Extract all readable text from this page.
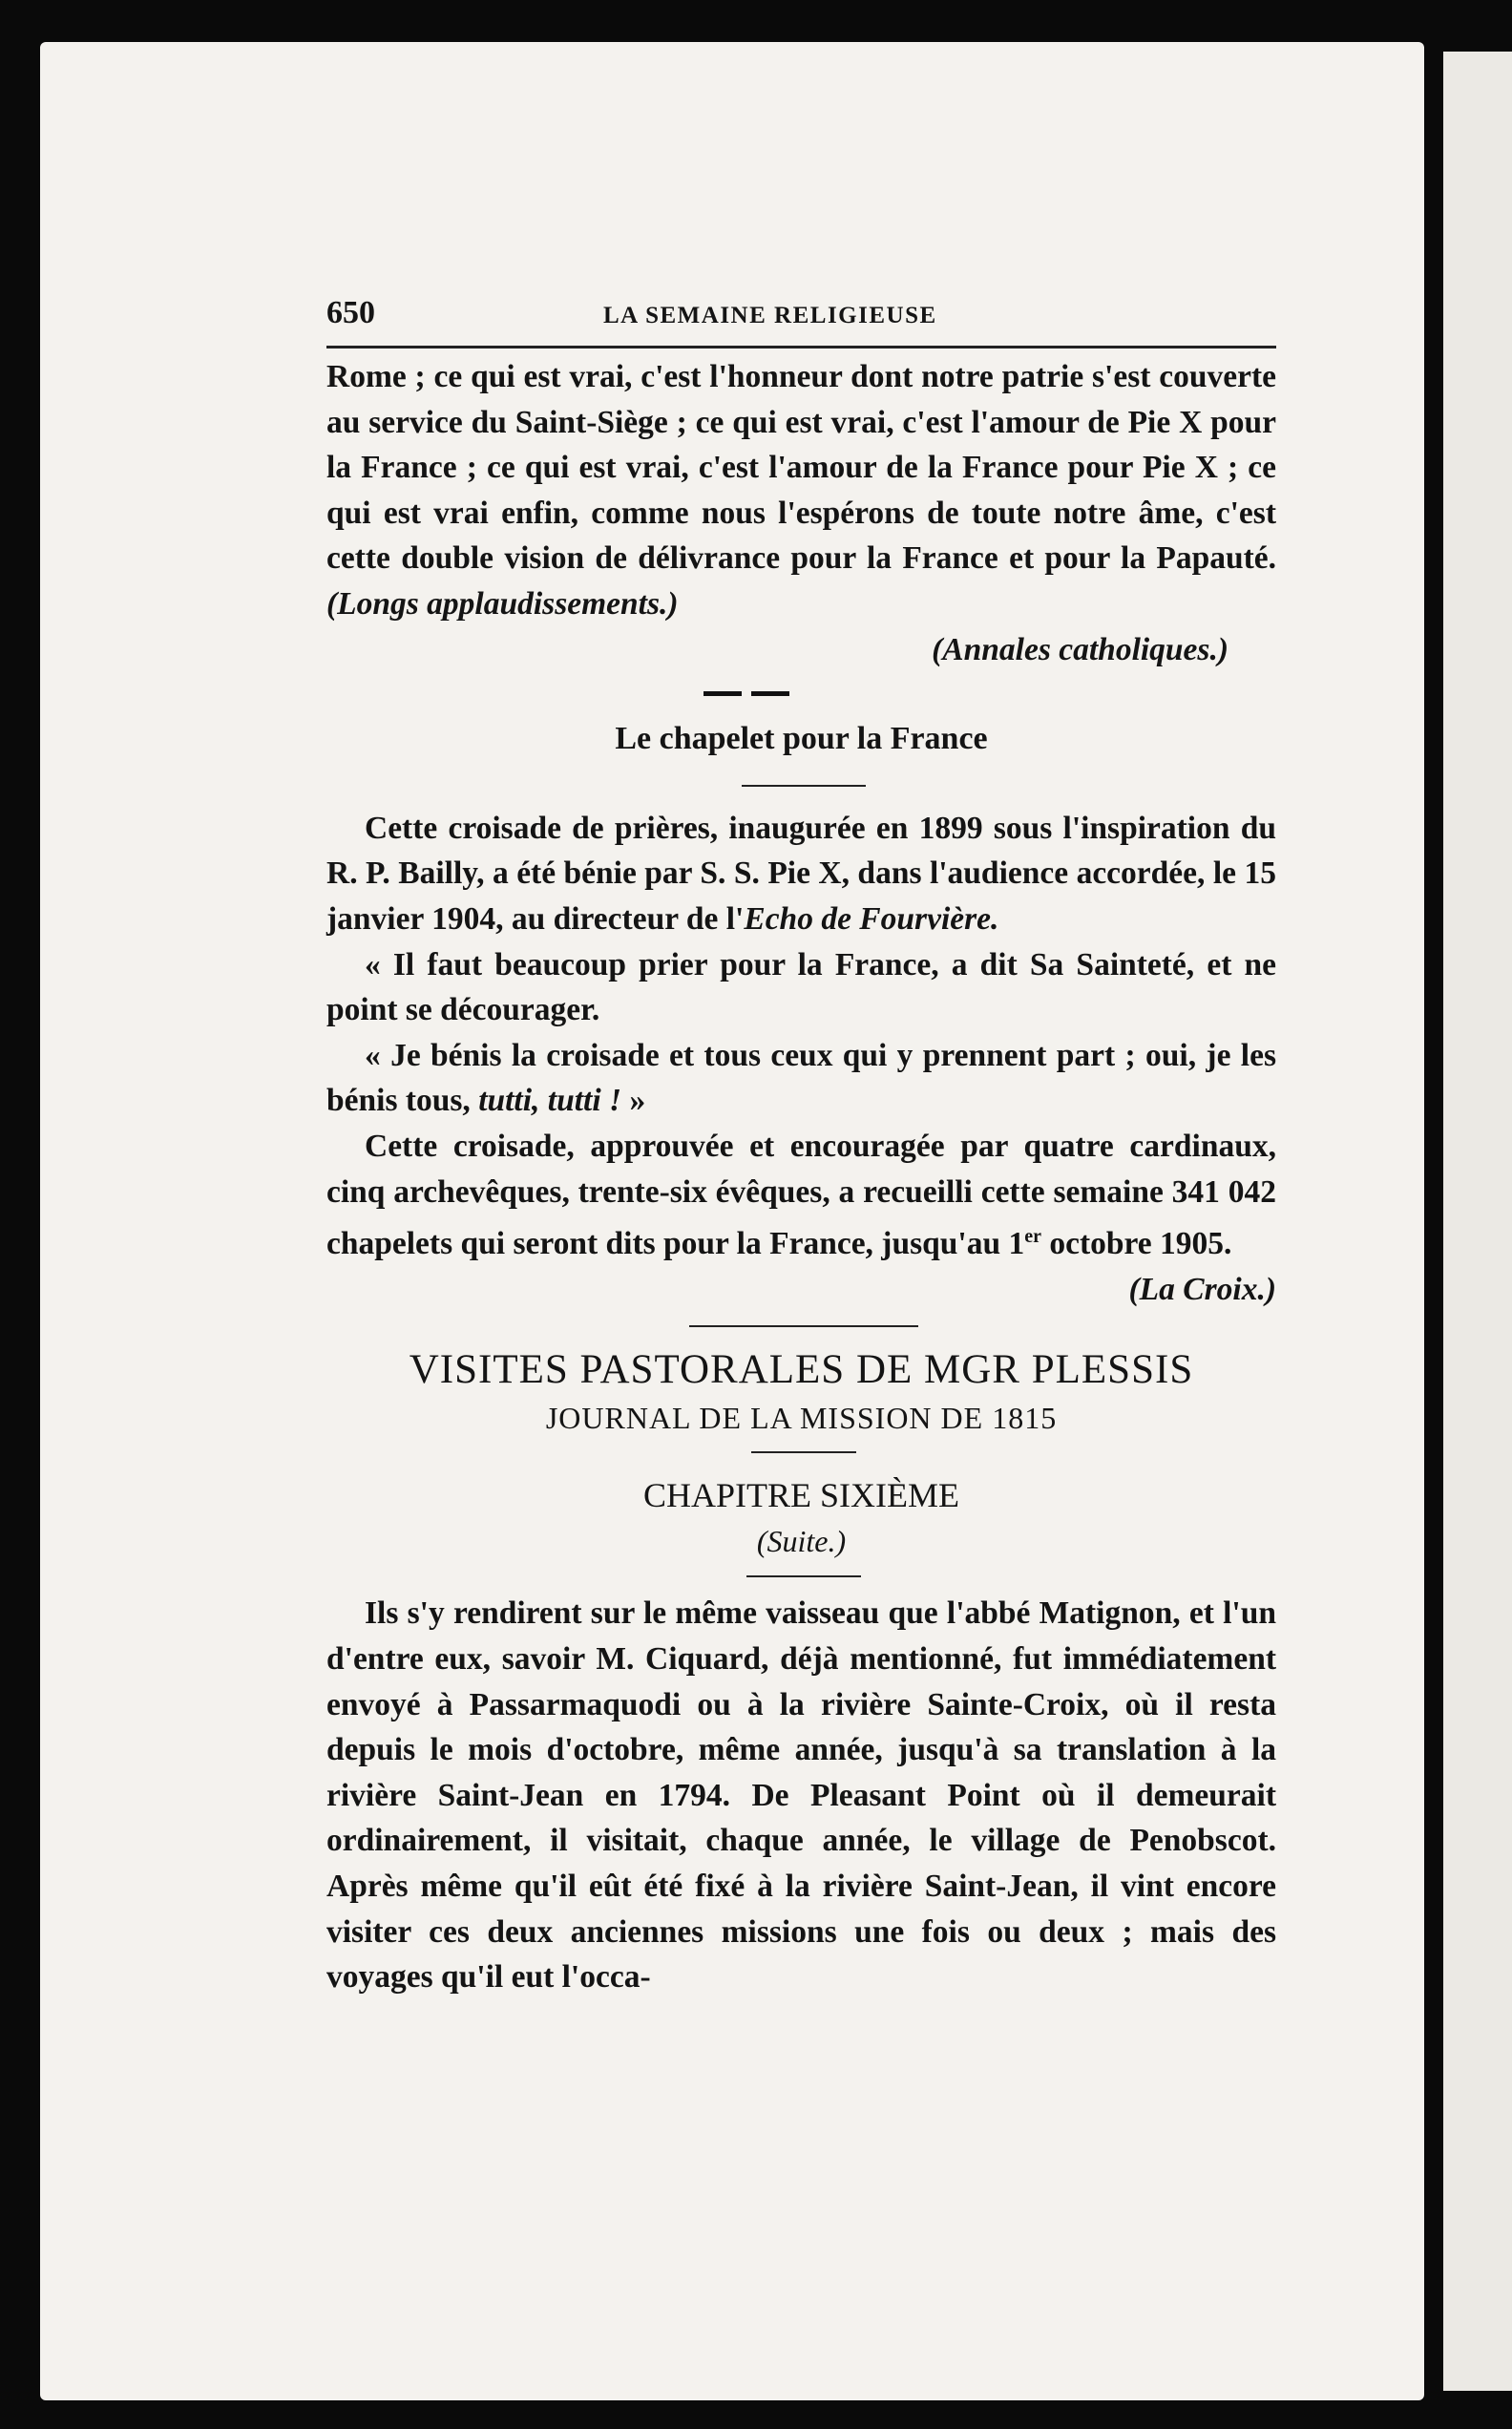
650	LA SEMAINE RELIGIEUSE

Rome ; ce qui est vrai, c'est l'honneur dont notre patrie s'est couverte au service du Saint-Siège ; ce qui est vrai, c'est l'amour de Pie X pour la France ; ce qui est vrai, c'est l'amour de la France pour Pie X ; ce qui est vrai enfin, comme nous l'espérons de toute notre âme, c'est cette double vision de délivrance pour la France et pour la Papauté. (Longs applaudissements.)

(Annales catholiques.)

Le chapelet pour la France

Cette croisade de prières, inaugurée en 1899 sous l'inspiration du R. P. Bailly, a été bénie par S. S. Pie X, dans l'audience accordée, le 15 janvier 1904, au directeur de l'Echo de Fourvière.

« Il faut beaucoup prier pour la France, a dit Sa Sainteté, et ne point se décourager.

« Je bénis la croisade et tous ceux qui y prennent part ; oui, je les bénis tous, tutti, tutti ! »

Cette croisade, approuvée et encouragée par quatre cardinaux, cinq archevêques, trente-six évêques, a recueilli cette semaine 341 042 chapelets qui seront dits pour la France, jusqu'au 1er octobre 1905.

(La Croix.)

VISITES PASTORALES DE MGR PLESSIS

JOURNAL DE LA MISSION DE 1815

CHAPITRE SIXIÈME

(Suite.)

Ils s'y rendirent sur le même vaisseau que l'abbé Matignon, et l'un d'entre eux, savoir M. Ciquard, déjà mentionné, fut immédiatement envoyé à Passarmaquodi ou à la rivière Sainte-Croix, où il resta depuis le mois d'octobre, même année, jusqu'à sa translation à la rivière Saint-Jean en 1794. De Pleasant Point où il demeurait ordinairement, il visitait, chaque année, le village de Penobscot. Après même qu'il eût été fixé à la rivière Saint-Jean, il vint encore visiter ces deux anciennes missions une fois ou deux ; mais des voyages qu'il eut l'occa-
